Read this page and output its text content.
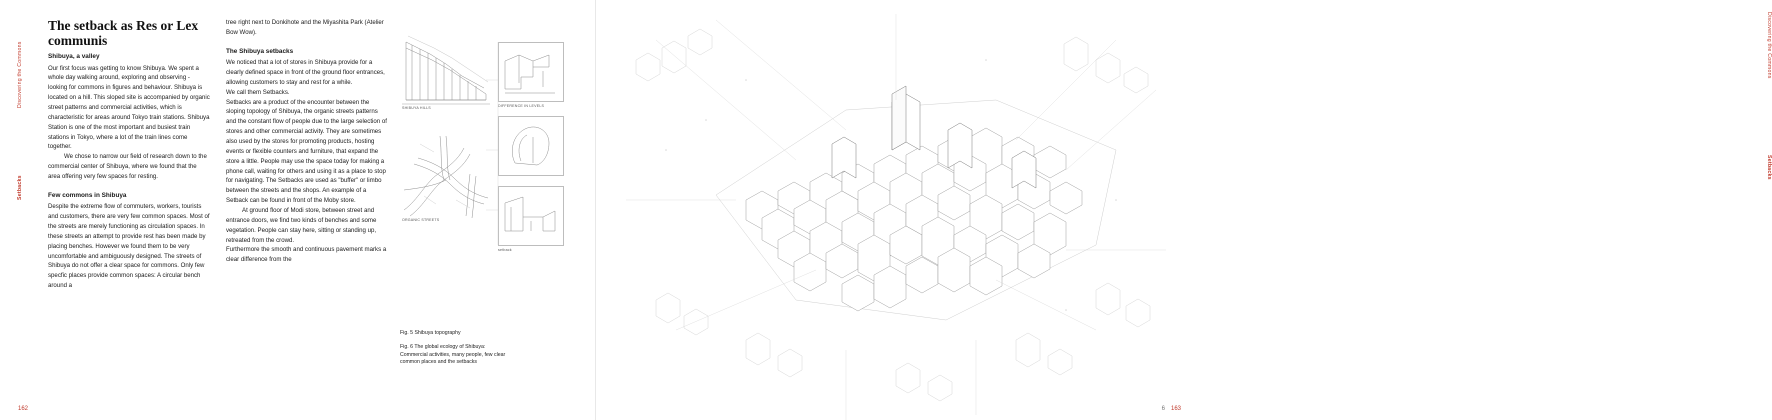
Discovering the Commons
Setbacks
162
The setback as Res or Lex communis
Shibuya, a valley

Our first focus was getting to know Shibuya. We spent a whole day walking around, exploring and observing - looking for commons in figures and behaviour. Shibuya is located on a hill. This sloped site is accompanied by organic street patterns and commercial activities, which is characteristic for areas around Tokyo train stations. Shibuya Station is one of the most important and busiest train stations in Tokyo, where a lot of the train lines come together.

We chose to narrow our field of research down to the commercial center of Shibuya, where we found that the area offering very few spaces for resting.

Few commons in Shibuya

Despite the extreme flow of commuters, workers, tourists and customers, there are very few common spaces. Most of the streets are merely functioning as circulation spaces. In these streets an attempt to provide rest has been made by placing benches. However we found them to be very uncomfortable and ambiguously designed. The streets of Shibuya do not offer a clear space for commons. Only few specfic places provide common spaces: A circular bench around a

tree right next to Donkihote and the Miyashita Park (Atelier Bow Wow).

The Shibuya setbacks

We noticed that a lot of stores in Shibuya provide for a clearly defined space in front of the ground floor entrances, allowing customers to stay and rest for a while.

We call them Setbacks.

Setbacks are a product of the encounter between the sloping topology of Shibuya, the organic streets patterns and the constant flow of people due to the large selection of stores and other commercial activity. They are sometimes also used by the stores for promoting products, hosting events or flexible counters and furniture, that expand the store a little. People may use the space today for making a phone call, waiting for others and using it as a place to stop for navigating. The Setbacks are used as "buffer" or limbo between the streets and the shops. An example of a Setback can be found in front of the Moby store.

At ground floor of Modi store, between street and entrance doors, we find two kinds of benches and some vegetation. People can stay here, sitting or standing up, retreated from the crowd.

Furthermore the smooth and continuous pavement marks a clear difference from the

SHIBUYA HILLS
ORGANIC STREETS
DIFFERENCE IN LEVELS
setback
Fig. 5 Shibuya topography
Fig. 6 The global ecology of Shibuya:
Commercial activities, many people, few clear common places and the setbacks
Discovering the Commons
Setbacks
6 163
